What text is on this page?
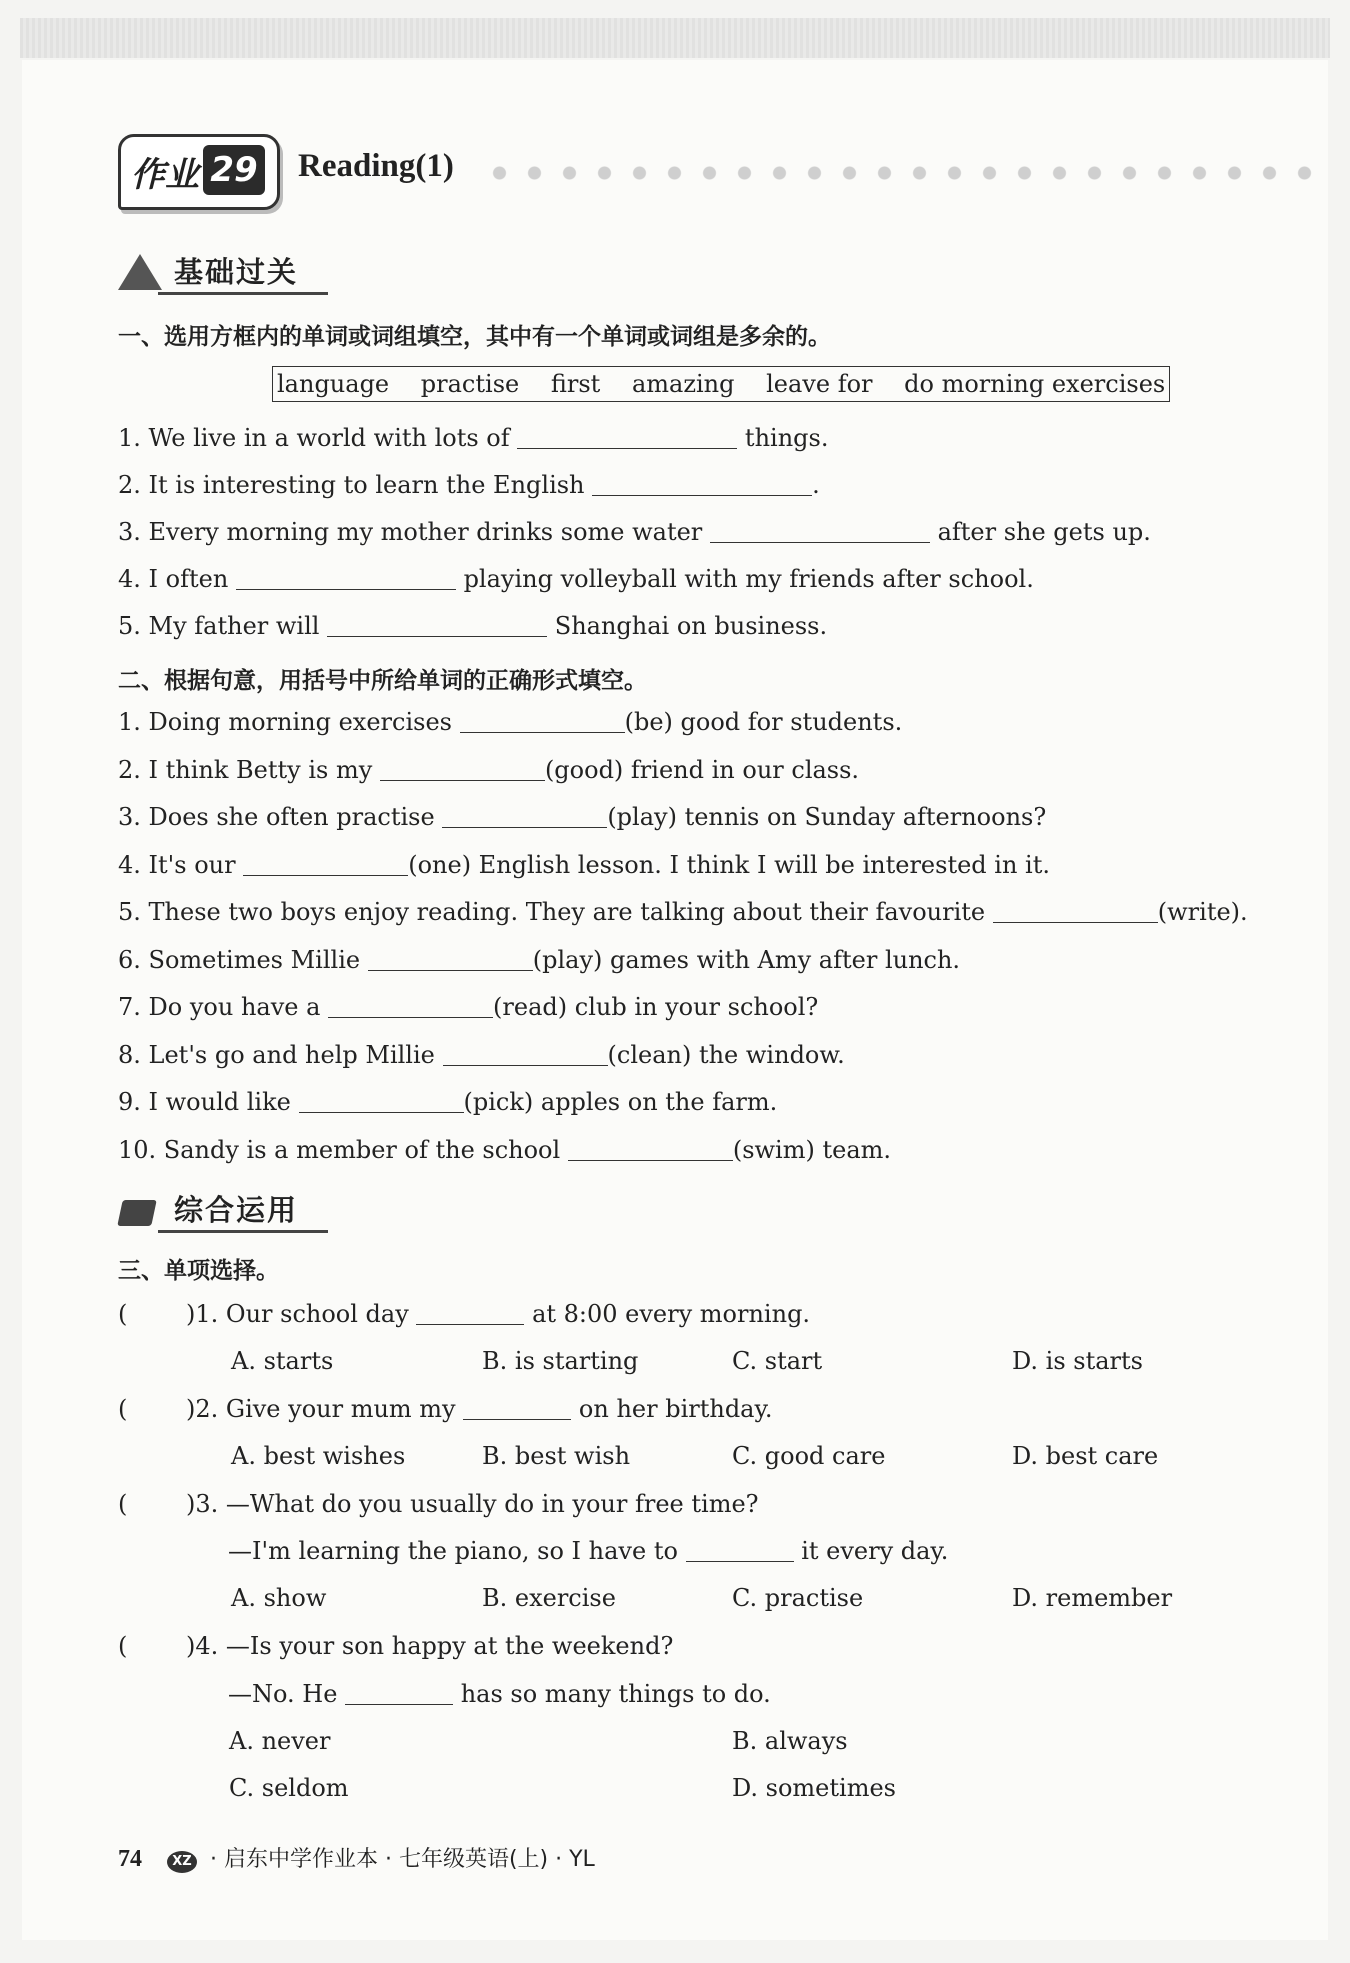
作业 29 Reading(1)
基础过关
一、选用方框内的单词或词组填空，其中有一个单词或词组是多余的。
language practise first amazing leave for do morning exercises
1. We live in a world with lots of	things.
2. It is interesting to learn the English	.
3. Every morning my mother drinks some water	after she gets up.
4. I often	playing volleyball with my friends after school.
5. My father will	Shanghai on business.
二、根据句意，用括号中所给单词的正确形式填空。
1. Doing morning exercises	(be) good for students.
2. I think Betty is my	(good) friend in our class.
3. Does she often practise	(play) tennis on Sunday afternoons?
4. It's our	(one) English lesson. I think I will be interested in it.
5. These two boys enjoy reading. They are talking about their favourite	(write).
6. Sometimes Millie	(play) games with Amy after lunch.
7. Do you have a	(read) club in your school?
8. Let's go and help Millie	(clean) the window.
9. I would like	(pick) apples on the farm.
10. Sandy is a member of the school	(swim) team.
综合运用
三、单项选择。
( )1. Our school day	at 8:00 every morning.
A. starts	B. is starting	C. start	D. is starts
( )2. Give your mum my	on her birthday.
A. best wishes	B. best wish	C. good care	D. best care
( )3. —What do you usually do in your free time?
—I'm learning the piano, so I have to	it every day.
A. show	B. exercise	C. practise	D. remember
( )4. —Is your son happy at the weekend?
—No. He	has so many things to do.
A. never	B. always
C. seldom	D. sometimes
74 XZ · 启东中学作业本 · 七年级英语(上) · YL
